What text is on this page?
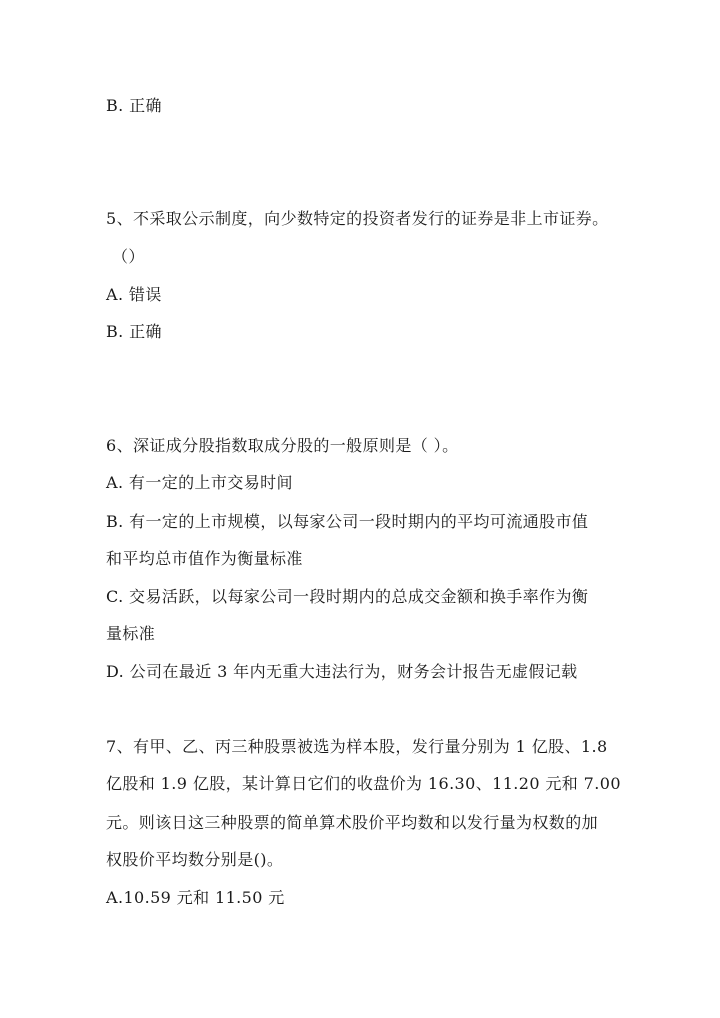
B. 正确
5、不采取公示制度，向少数特定的投资者发行的证券是非上市证券。
（）
A. 错误
B. 正确
6、深证成分股指数取成分股的一般原则是（ ）。
A. 有一定的上市交易时间
B. 有一定的上市规模，以每家公司一段时期内的平均可流通股市值
和平均总市值作为衡量标准
C. 交易活跃，以每家公司一段时期内的总成交金额和换手率作为衡
量标准
D. 公司在最近 3 年内无重大违法行为，财务会计报告无虚假记载
7、有甲、乙、丙三种股票被选为样本股，发行量分别为 1 亿股、1.8
亿股和 1.9 亿股，某计算日它们的收盘价为 16.30、11.20 元和 7.00
元。则该日这三种股票的简单算术股价平均数和以发行量为权数的加
权股价平均数分别是()。
A.10.59 元和 11.50 元
